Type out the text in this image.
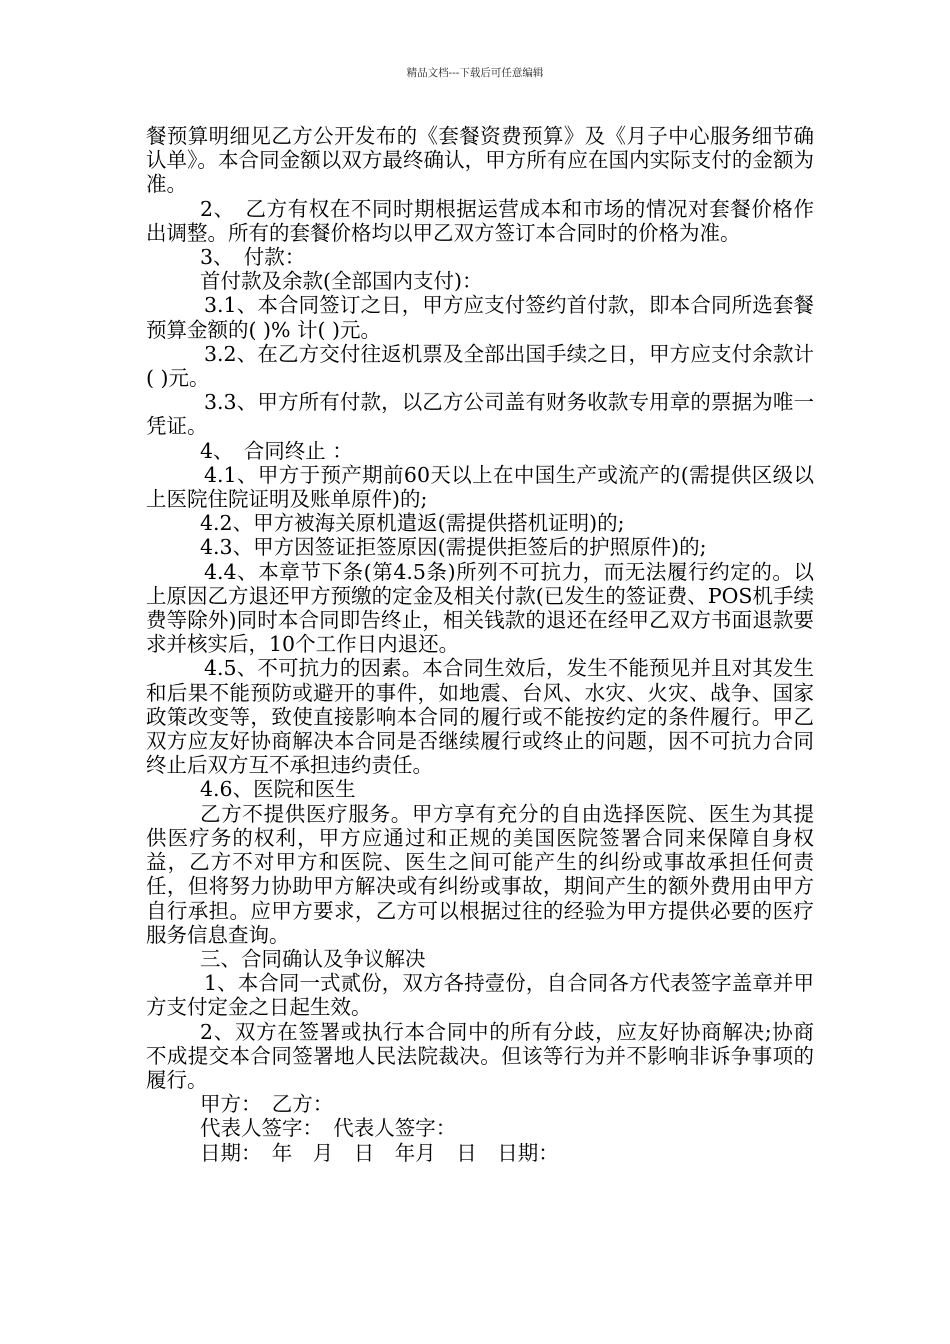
精品文档---下载后可任意编辑

餐预算明细见乙方公开发布的《套餐资费预算》及《月子中心服务细节确认单》。本合同金额以双方最终确认，甲方所有应在国内实际支付的金额为准。

2、　乙方有权在不同时期根据运营成本和市场的情况对套餐价格作出调整。所有的套餐价格均以甲乙双方签订本合同时的价格为准。

3、　付款：

首付款及余款(全部国内支付)：

3.1、本合同签订之日，甲方应支付签约首付款，即本合同所选套餐预算金额的( )% 计( )元。

3.2、在乙方交付往返机票及全部出国手续之日，甲方应支付余款计( )元。

3.3、甲方所有付款，以乙方公司盖有财务收款专用章的票据为唯一凭证。

4、　合同终止 ：

4.1、甲方于预产期前60天以上在中国生产或流产的(需提供区级以上医院住院证明及账单原件)的;

4.2、甲方被海关原机遣返(需提供搭机证明)的;

4.3、甲方因签证拒签原因(需提供拒签后的护照原件)的;

4.4、本章节下条(第4.5条)所列不可抗力，而无法履行约定的。以上原因乙方退还甲方预缴的定金及相关付款(已发生的签证费、POS机手续费等除外)同时本合同即告终止，相关钱款的退还在经甲乙双方书面退款要求并核实后，10个工作日内退还。

4.5、不可抗力的因素。本合同生效后，发生不能预见并且对其发生和后果不能预防或避开的事件，如地震、台风、水灾、火灾、战争、国家政策改变等，致使直接影响本合同的履行或不能按约定的条件履行。甲乙双方应友好协商解决本合同是否继续履行或终止的问题，因不可抗力合同终止后双方互不承担违约责任。

4.6、医院和医生

乙方不提供医疗服务。甲方享有充分的自由选择医院、医生为其提供医疗务的权利，甲方应通过和正规的美国医院签署合同来保障自身权益，乙方不对甲方和医院、医生之间可能产生的纠纷或事故承担任何责任，但将努力协助甲方解决或有纠纷或事故，期间产生的额外费用由甲方自行承担。应甲方要求，乙方可以根据过往的经验为甲方提供必要的医疗服务信息查询。

三、合同确认及争议解决

1、本合同一式贰份，双方各持壹份，自合同各方代表签字盖章并甲方支付定金之日起生效。

2、双方在签署或执行本合同中的所有分歧，应友好协商解决;协商不成提交本合同签署地人民法院裁决。但该等行为并不影响非诉争事项的履行。

甲方：　乙方：

代表人签字：　代表人签字：

日期：　年　月　日　年月　日　日期：
